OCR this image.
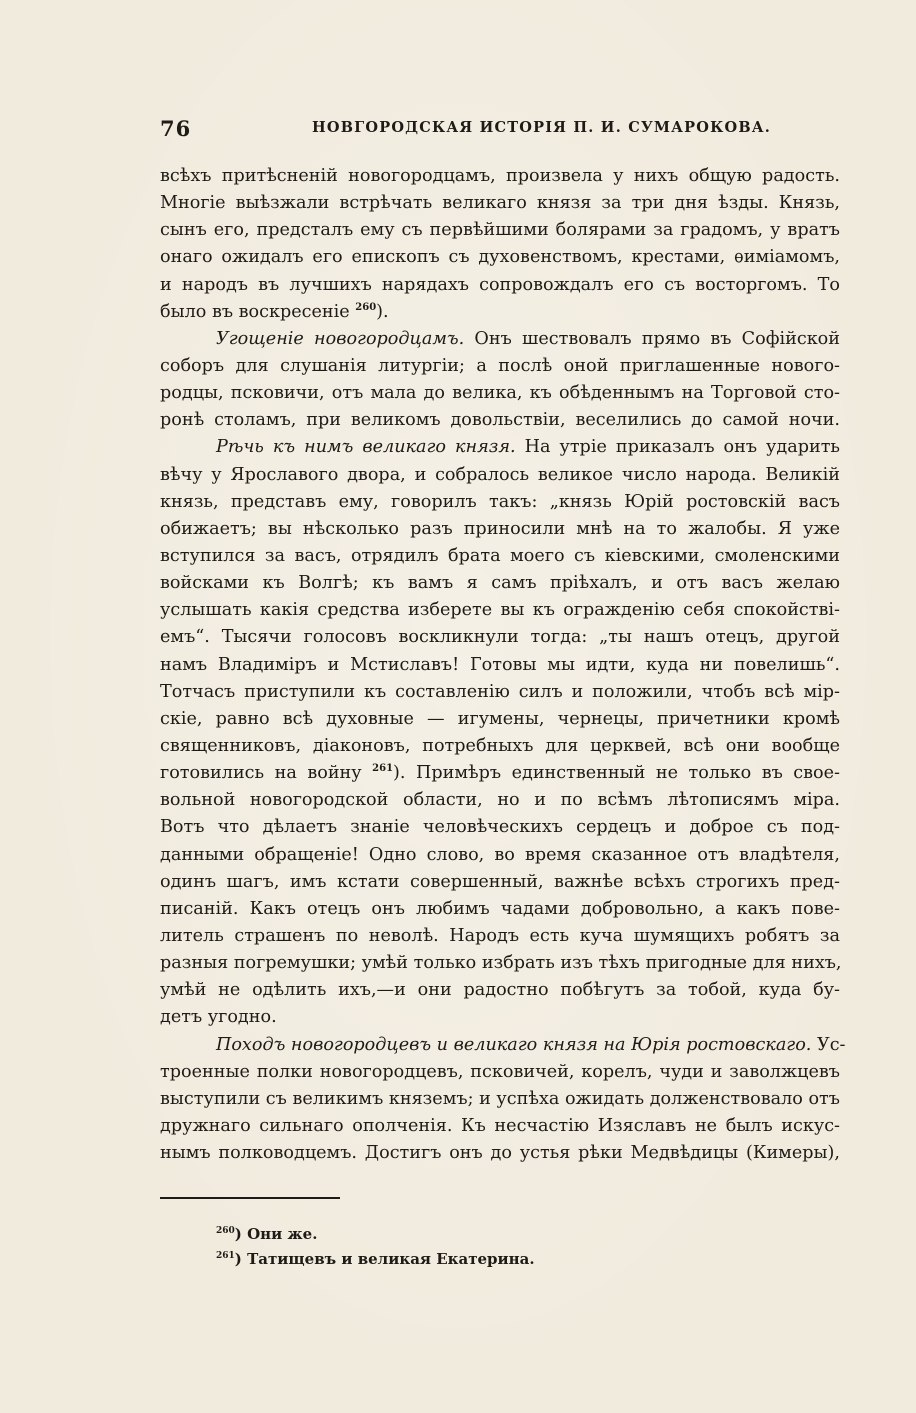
76	НОВГОРОДСКАЯ ИСТОРІЯ П. И. СУМАРОКОВА.
всѣхъ притѣсненій новогородцамъ, произвела у нихъ общую радость.
Многіе выѣзжали встрѣчать великаго князя за три дня ѣзды. Князь,
сынъ его, предсталъ ему съ первѣйшими болярами за градомъ, у вратъ
онаго ожидалъ его епископъ съ духовенствомъ, крестами, ѳиміамомъ,
и народъ въ лучшихъ нарядахъ сопровождалъ его съ восторгомъ. То
было въ воскресеніе $^{260}$).
Угощеніе новогородцамъ. Онъ шествовалъ прямо въ Софійской
соборъ для слушанія литургіи; а послѣ оной приглашенные нового-
родцы, псковичи, отъ мала до велика, къ обѣденнымъ на Торговой сто-
ронѣ столамъ, при великомъ довольствіи, веселились до самой ночи.
Рѣчь къ нимъ великаго князя. На утріе приказалъ онъ ударить
вѣчу у Ярославого двора, и собралось великое число народа. Великій
князь, представъ ему, говорилъ такъ: „князь Юрій ростовскій васъ
обижаетъ; вы нѣсколько разъ приносили мнѣ на то жалобы. Я уже
вступился за васъ, отрядилъ брата моего съ кіевскими, смоленскими
войсками къ Волгѣ; къ вамъ я самъ пріѣхалъ, и отъ васъ желаю
услышать какія средства изберете вы къ огражденію себя спокойстві-
емъ“. Тысячи голосовъ воскликнули тогда: „ты нашъ отецъ, другой
намъ Владиміръ и Мстиславъ! Готовы мы идти, куда ни повелишь“.
Тотчасъ приступили къ составленію силъ и положили, чтобъ всѣ мір-
скіе, равно всѣ духовные — игумены, чернецы, причетники кромѣ
священниковъ, діаконовъ, потребныхъ для церквей, всѣ они вообще
готовились на войну $^{261}$). Примѣръ единственный не только въ свое-
вольной новогородской области, но и по всѣмъ лѣтописямъ міра.
Вотъ что дѣлаетъ знаніе человѣческихъ сердецъ и доброе съ под-
данными обращеніе! Одно слово, во время сказанное отъ владѣтеля,
одинъ шагъ, имъ кстати совершенный, важнѣе всѣхъ строгихъ пред-
писаній. Какъ отецъ онъ любимъ чадами добровольно, а какъ пове-
литель страшенъ по неволѣ. Народъ есть куча шумящихъ робятъ за
разныя погремушки; умѣй только избрать изъ тѣхъ пригодные для нихъ,
умѣй не одѣлить ихъ,—и они радостно побѣгутъ за тобой, куда бу-
детъ угодно.
Походъ новогородцевъ и великаго князя на Юрія ростовскаго. Ус-
троенные полки новогородцевъ, псковичей, корелъ, чуди и заволжцевъ
выступили съ великимъ княземъ; и успѣха ожидать долженствовало отъ
дружнаго сильнаго ополченія. Къ несчастію Изяславъ не былъ искус-
нымъ полководцемъ. Достигъ онъ до устья рѣки Медвѣдицы (Кимеры),
$^{260}$) Они же.
$^{261}$) Татищевъ и великая Екатерина.
